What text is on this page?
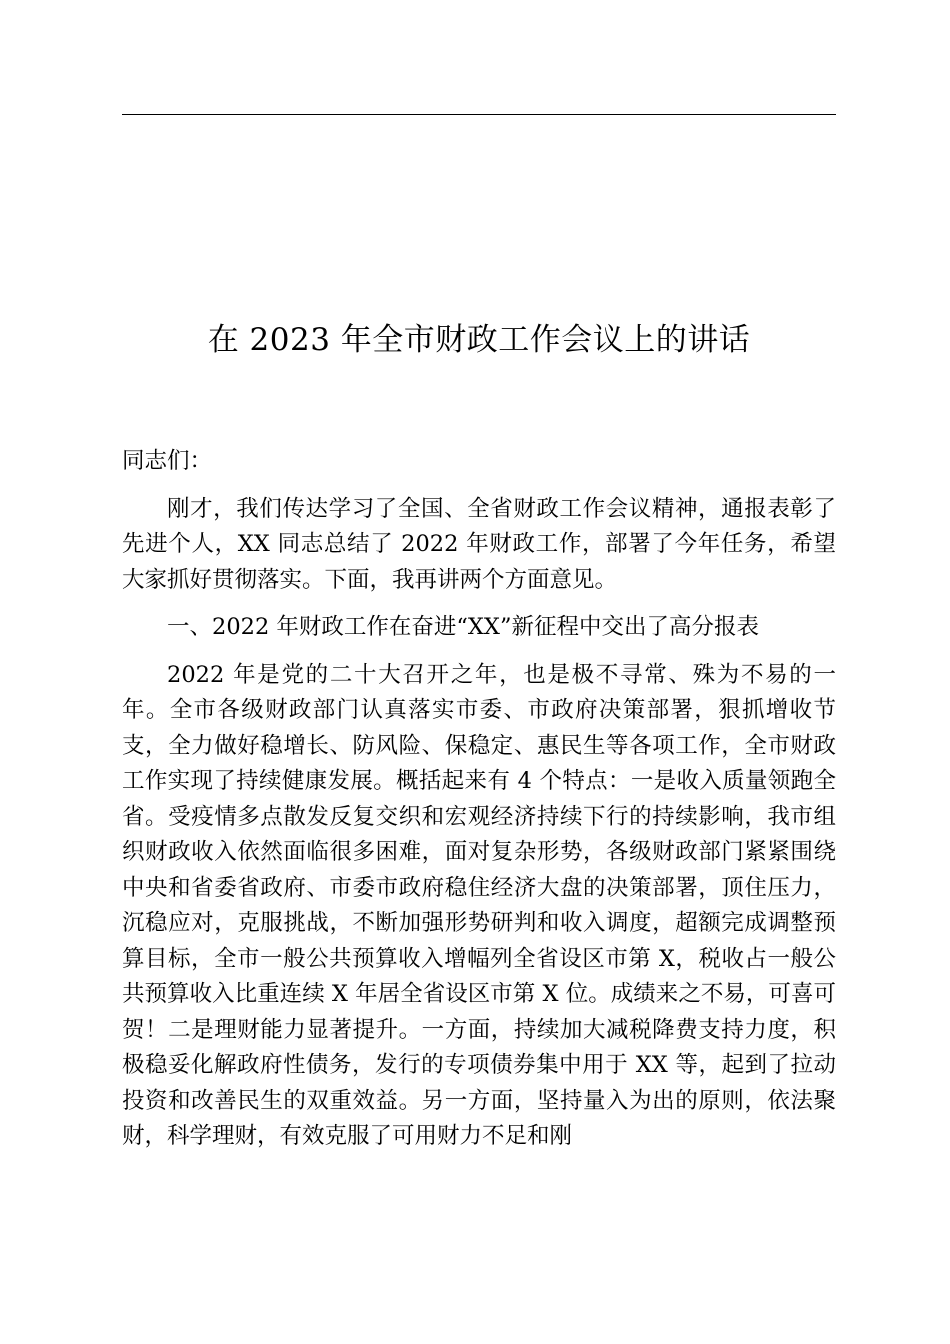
在 2023 年全市财政工作会议上的讲话

同志们：

刚才，我们传达学习了全国、全省财政工作会议精神，通报表彰了先进个人，XX 同志总结了 2022 年财政工作，部署了今年任务，希望大家抓好贯彻落实。下面，我再讲两个方面意见。

一、2022 年财政工作在奋进“XX”新征程中交出了高分报表

2022 年是党的二十大召开之年，也是极不寻常、殊为不易的一年。全市各级财政部门认真落实市委、市政府决策部署，狠抓增收节支，全力做好稳增长、防风险、保稳定、惠民生等各项工作，全市财政工作实现了持续健康发展。概括起来有 4 个特点：一是收入质量领跑全省。受疫情多点散发反复交织和宏观经济持续下行的持续影响，我市组织财政收入依然面临很多困难，面对复杂形势，各级财政部门紧紧围绕中央和省委省政府、市委市政府稳住经济大盘的决策部署，顶住压力，沉稳应对，克服挑战，不断加强形势研判和收入调度，超额完成调整预算目标，全市一般公共预算收入增幅列全省设区市第 X，税收占一般公共预算收入比重连续 X 年居全省设区市第 X 位。成绩来之不易，可喜可贺！二是理财能力显著提升。一方面，持续加大减税降费支持力度，积极稳妥化解政府性债务，发行的专项债券集中用于 XX 等，起到了拉动投资和改善民生的双重效益。另一方面，坚持量入为出的原则，依法聚财，科学理财，有效克服了可用财力不足和刚
